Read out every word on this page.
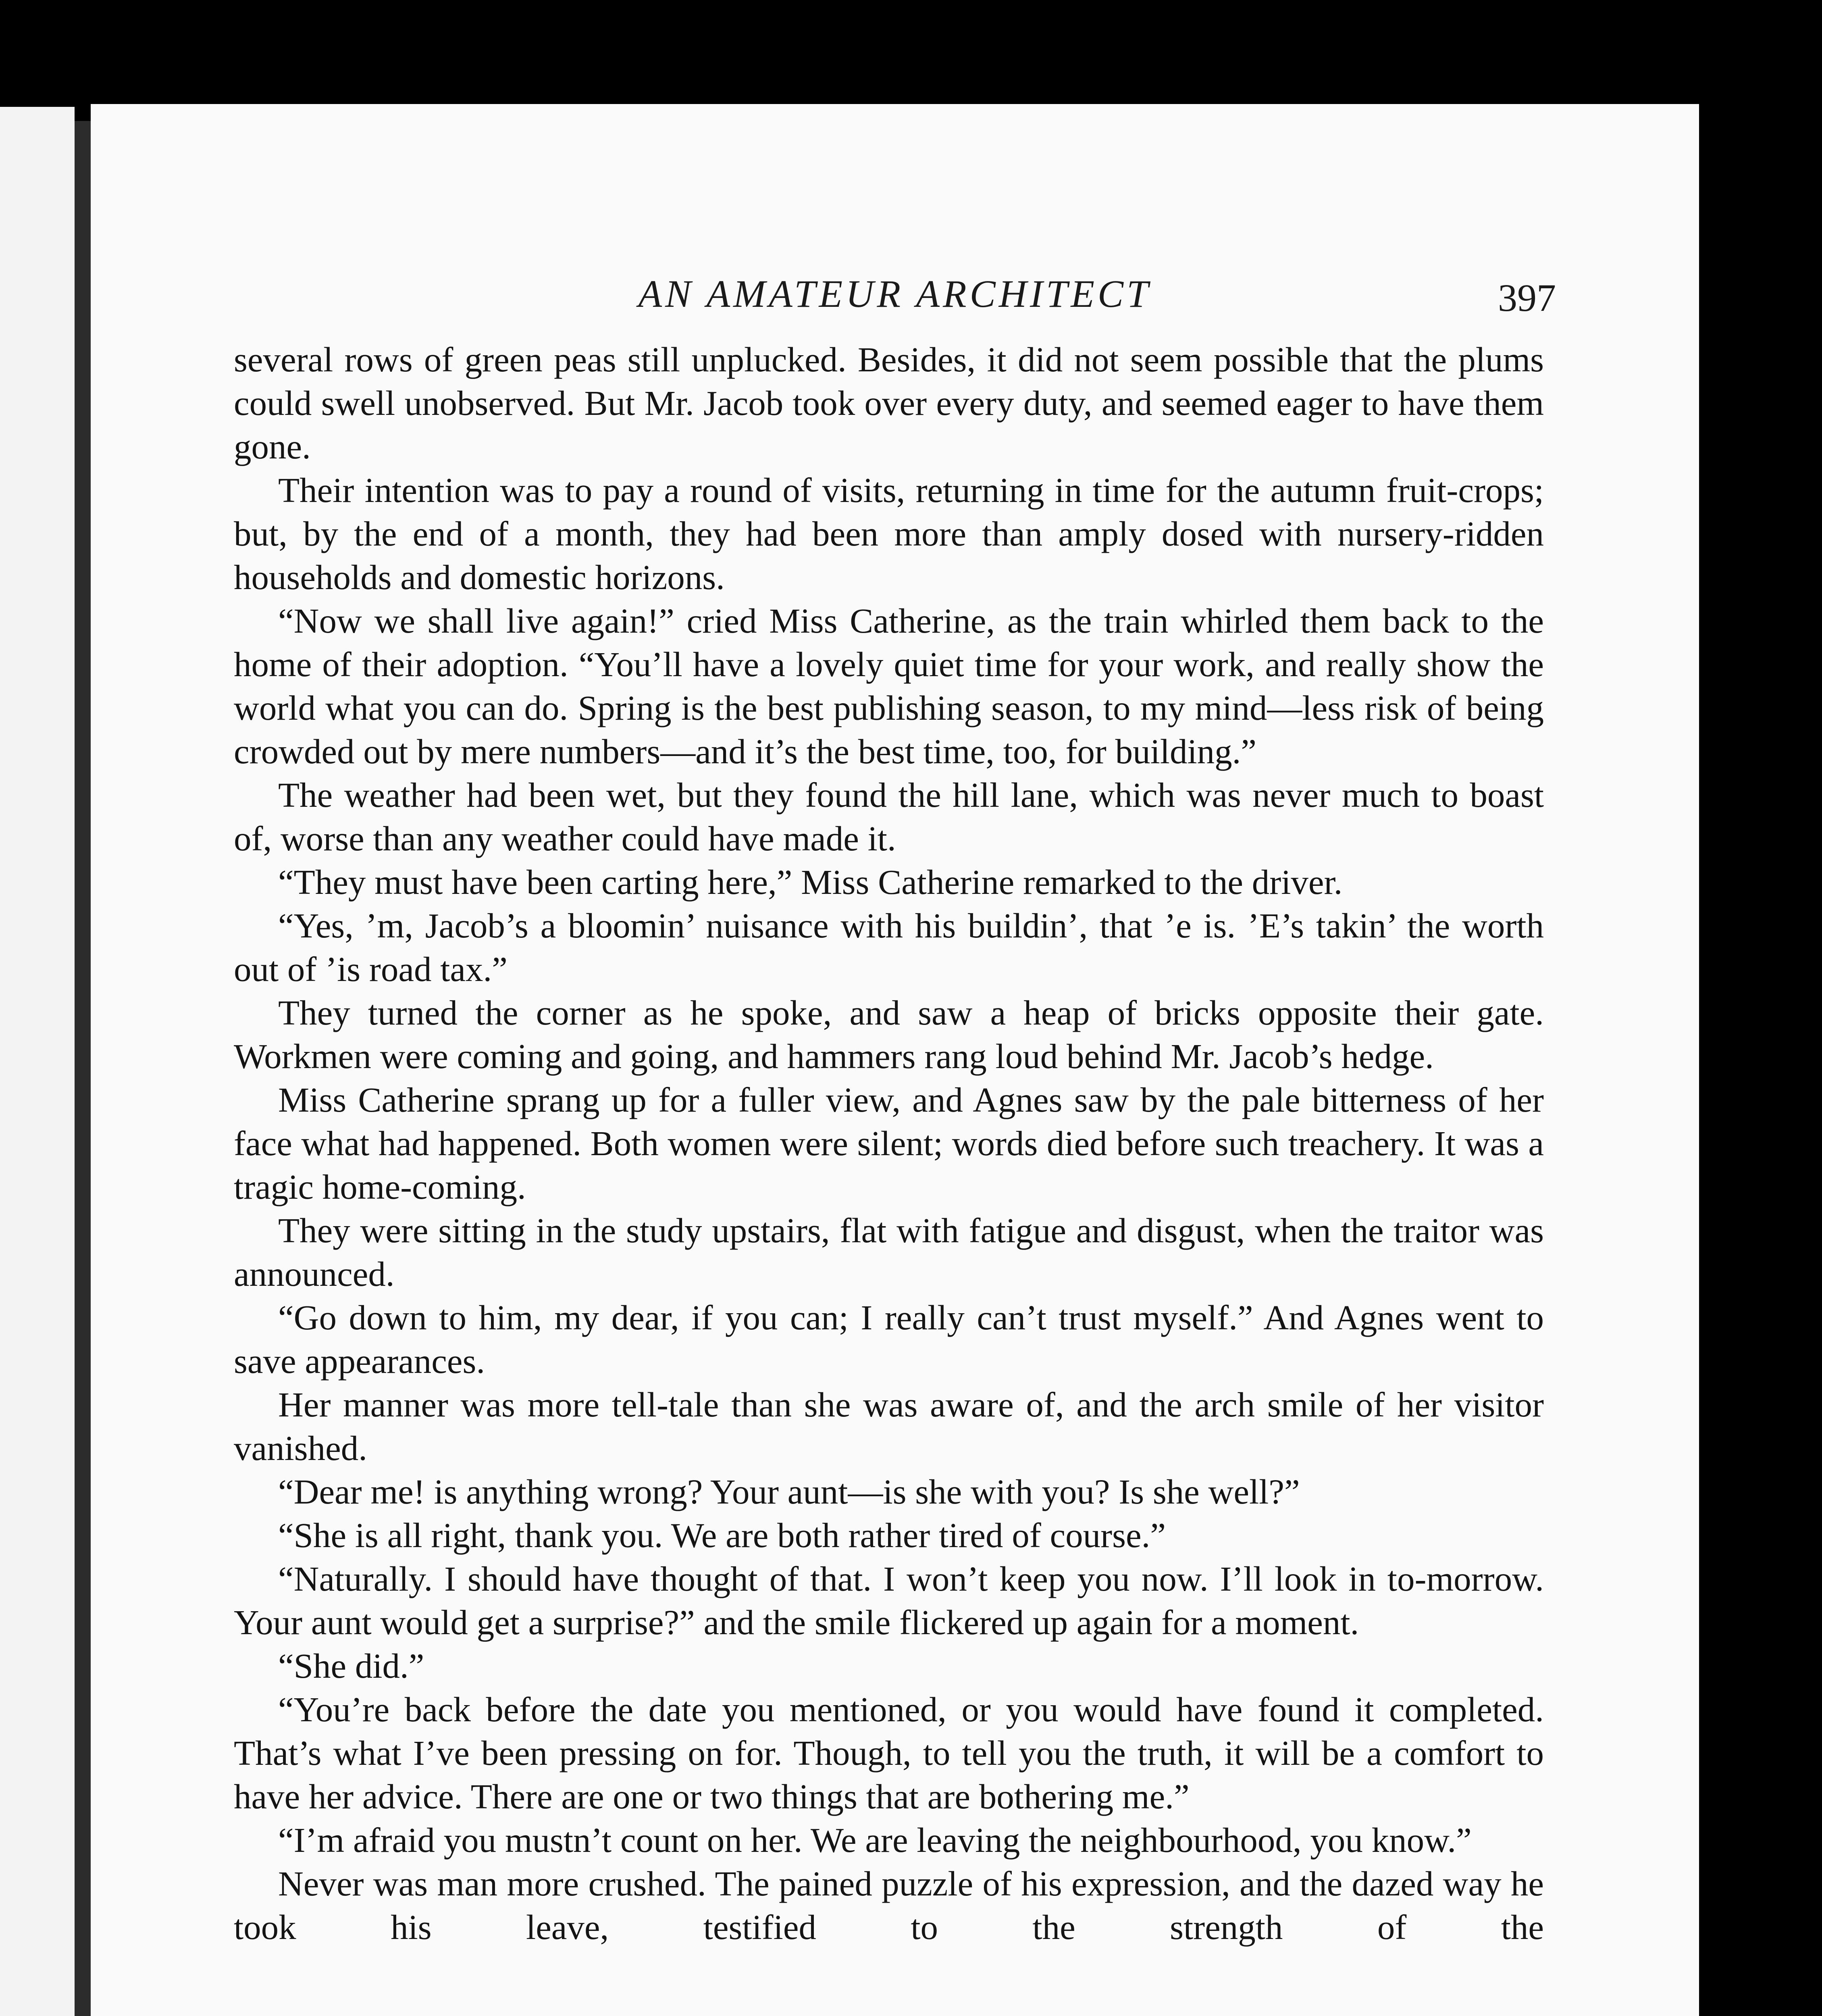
AN AMATEUR ARCHITECT	397

several rows of green peas still unplucked. Besides, it did not seem possible that the plums could swell unobserved. But Mr. Jacob took over every duty, and seemed eager to have them gone.

Their intention was to pay a round of visits, returning in time for the autumn fruit-crops; but, by the end of a month, they had been more than amply dosed with nursery-ridden households and domestic horizons.

“Now we shall live again!” cried Miss Catherine, as the train whirled them back to the home of their adoption. “You’ll have a lovely quiet time for your work, and really show the world what you can do. Spring is the best publishing season, to my mind—less risk of being crowded out by mere numbers—and it’s the best time, too, for building.”

The weather had been wet, but they found the hill lane, which was never much to boast of, worse than any weather could have made it.

“They must have been carting here,” Miss Catherine remarked to the driver.

“Yes, ’m, Jacob’s a bloomin’ nuisance with his buildin’, that ’e is. ’E’s takin’ the worth out of ’is road tax.”

They turned the corner as he spoke, and saw a heap of bricks opposite their gate. Workmen were coming and going, and hammers rang loud behind Mr. Jacob’s hedge.

Miss Catherine sprang up for a fuller view, and Agnes saw by the pale bitterness of her face what had happened. Both women were silent; words died before such treachery. It was a tragic home-coming.

They were sitting in the study upstairs, flat with fatigue and disgust, when the traitor was announced.

“Go down to him, my dear, if you can; I really can’t trust myself.” And Agnes went to save appearances.

Her manner was more tell-tale than she was aware of, and the arch smile of her visitor vanished.

“Dear me! is anything wrong? Your aunt—is she with you? Is she well?”

“She is all right, thank you. We are both rather tired of course.”

“Naturally. I should have thought of that. I won’t keep you now. I’ll look in to-morrow. Your aunt would get a surprise?” and the smile flickered up again for a moment.

“She did.”

“You’re back before the date you mentioned, or you would have found it completed. That’s what I’ve been pressing on for. Though, to tell you the truth, it will be a comfort to have her advice. There are one or two things that are bothering me.”

“I’m afraid you mustn’t count on her. We are leaving the neighbourhood, you know.”

Never was man more crushed. The pained puzzle of his expression, and the dazed way he took his leave, testified to the strength of the
